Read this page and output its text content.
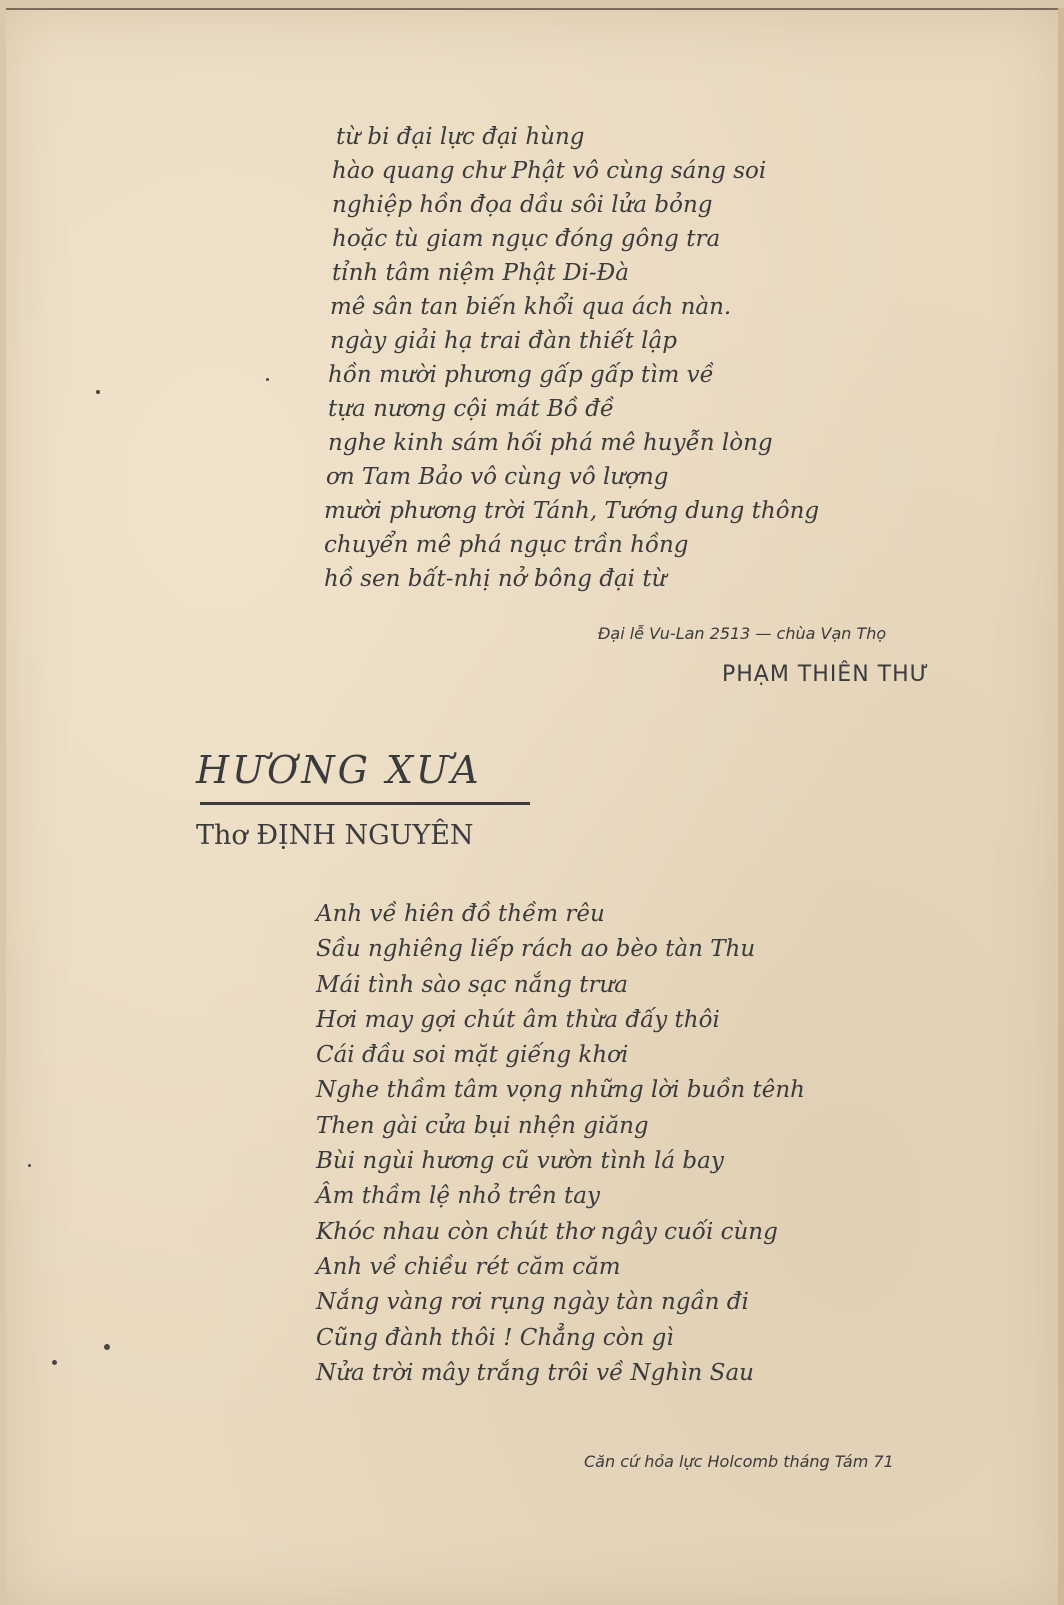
từ bi đại lực đại hùng
hào quang chư Phật vô cùng sáng soi
nghiệp hồn đọa dầu sôi lửa bỏng
hoặc tù giam ngục đóng gông tra
tỉnh tâm niệm Phật Di-Đà
mê sân tan biến khổi qua ách nàn.
ngày giải hạ trai đàn thiết lập
hồn mười phương gấp gấp tìm về
tựa nương cội mát Bồ đề
nghe kinh sám hối phá mê huyễn lòng
ơn Tam Bảo vô cùng vô lượng
mười phương trời Tánh, Tướng dung thông
chuyển mê phá ngục trần hồng
hồ sen bất-nhị nở bông đại từ
Đại lễ Vu-Lan 2513 — chùa Vạn Thọ
PHẠM THIÊN THƯ
HƯƠNG XƯA
Thơ ĐỊNH NGUYÊN
Anh về hiên đồ thềm rêu
Sầu nghiêng liếp rách ao bèo tàn Thu
Mái tình sào sạc nắng trưa
Hơi may gợi chút âm thừa đấy thôi
Cái đầu soi mặt giếng khơi
Nghe thầm tâm vọng những lời buồn tênh
Then gài cửa bụi nhện giăng
Bùi ngùi hương cũ vườn tình lá bay
Âm thầm lệ nhỏ trên tay
Khóc nhau còn chút thơ ngây cuối cùng
Anh về chiều rét căm căm
Nắng vàng rơi rụng ngày tàn ngần đi
Cũng đành thôi ! Chẳng còn gì
Nửa trời mây trắng trôi về Nghìn Sau
Căn cứ hỏa lực Holcomb tháng Tám 71
